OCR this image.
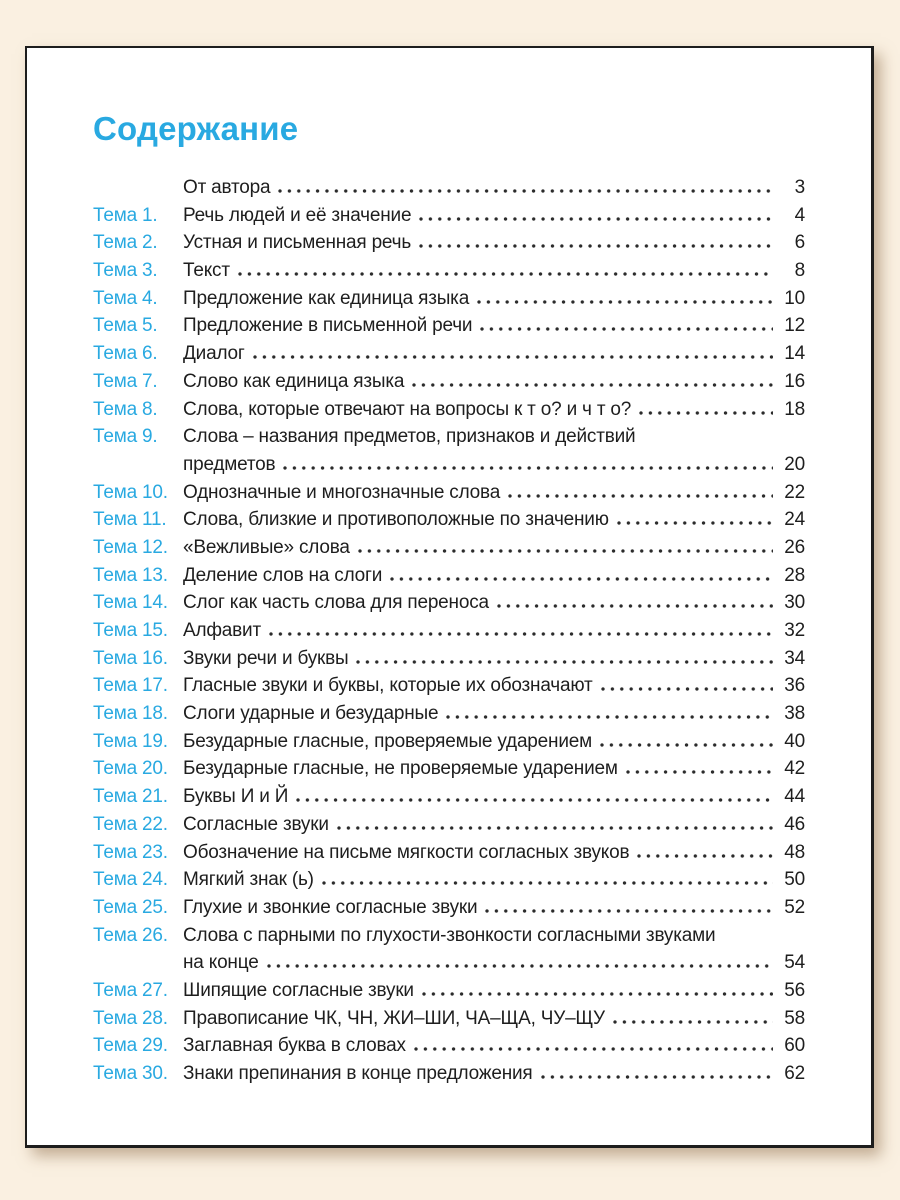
Содержание
От автора	3
Тема 1.	Речь людей и её значение	4
Тема 2.	Устная и письменная речь	6
Тема 3.	Текст	8
Тема 4.	Предложение как единица языка	10
Тема 5.	Предложение в письменной речи	12
Тема 6.	Диалог	14
Тема 7.	Слово как единица языка	16
Тема 8.	Слова, которые отвечают на вопросы к т о? и ч т о?	18
Тема 9.	Слова – названия предметов, признаков и действий
предметов	20
Тема 10. Однозначные и многозначные слова	22
Тема 11. Слова, близкие и противоположные по значению	24
Тема 12. «Вежливые» слова	26
Тема 13. Деление слов на слоги	28
Тема 14. Слог как часть слова для переноса	30
Тема 15. Алфавит	32
Тема 16. Звуки речи и буквы	34
Тема 17. Гласные звуки и буквы, которые их обозначают	36
Тема 18. Слоги ударные и безударные	38
Тема 19. Безударные гласные, проверяемые ударением	40
Тема 20. Безударные гласные, не проверяемые ударением	42
Тема 21. Буквы И и Й	44
Тема 22. Согласные звуки	46
Тема 23. Обозначение на письме мягкости согласных звуков	48
Тема 24. Мягкий знак (ь)	50
Тема 25. Глухие и звонкие согласные звуки	52
Тема 26. Слова с парными по глухости-звонкости согласными звуками
на конце	54
Тема 27. Шипящие согласные звуки	56
Тема 28. Правописание ЧК, ЧН, ЖИ–ШИ, ЧА–ЩА, ЧУ–ЩУ	58
Тема 29. Заглавная буква в словах	60
Тема 30. Знаки препинания в конце предложения	62
